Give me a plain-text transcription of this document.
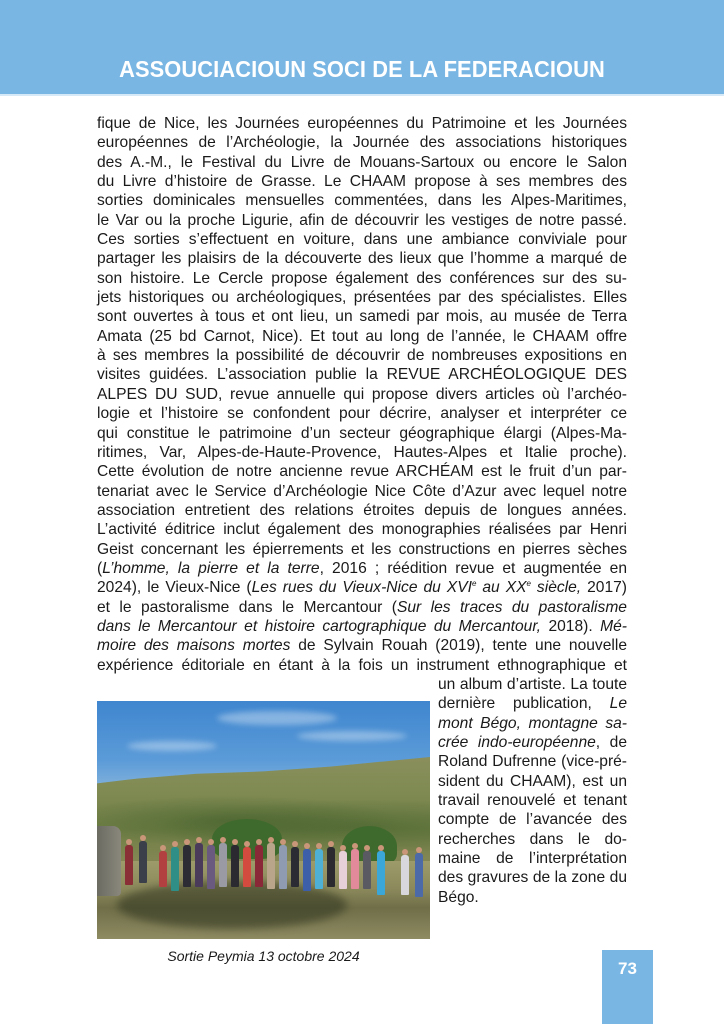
ASSOUCIACIOUN SOCI DE LA FEDERACIOUN
fique de Nice, les Journées européennes du Patrimoine et les Journées
européennes de l’Archéologie, la Journée des associations historiques
des A.-M., le Festival du Livre de Mouans-Sartoux ou encore le Salon
du Livre d’histoire de Grasse. Le CHAAM propose à ses membres des
sorties dominicales mensuelles commentées, dans les Alpes-Maritimes,
le Var ou la proche Ligurie, afin de découvrir les vestiges de notre passé.
Ces sorties s’effectuent en voiture, dans une ambiance conviviale pour
partager les plaisirs de la découverte des lieux que l’homme a marqué de
son histoire. Le Cercle propose également des conférences sur des su-
jets historiques ou archéologiques, présentées par des spécialistes. Elles
sont ouvertes à tous et ont lieu, un samedi par mois, au musée de Terra
Amata (25 bd Carnot, Nice). Et tout au long de l’année, le CHAAM offre
à ses membres la possibilité de découvrir de nombreuses expositions en
visites guidées. L’association publie la REVUE ARCHÉOLOGIQUE DES
ALPES DU SUD, revue annuelle qui propose divers articles où l’archéo-
logie et l’histoire se confondent pour décrire, analyser et interpréter ce
qui constitue le patrimoine d’un secteur géographique élargi (Alpes-Ma-
ritimes, Var, Alpes-de-Haute-Provence, Hautes-Alpes et Italie proche).
Cette évolution de notre ancienne revue ARCHÉAM est le fruit d’un par-
tenariat avec le Service d’Archéologie Nice Côte d’Azur avec lequel notre
association entretient des relations étroites depuis de longues années.
L’activité éditrice inclut également des monographies réalisées par Henri
Geist concernant les épierrements et les constructions en pierres sèches
(L’homme, la pierre et la terre, 2016 ; réédition revue et augmentée en
2024), le Vieux-Nice (Les rues du Vieux-Nice du XVIe au XXe siècle, 2017)
et le pastoralisme dans le Mercantour (Sur les traces du pastoralisme
dans le Mercantour et histoire cartographique du Mercantour, 2018). Mé-
moire des maisons mortes de Sylvain Rouah (2019), tente une nouvelle
expérience éditoriale en étant à la fois un instrument ethnographique et
un album d’artiste. La toute
dernière publication, Le
mont Bégo, montagne sa-
crée indo-européenne, de
Roland Dufrenne (vice-pré-
sident du CHAAM), est un
travail renouvelé et tenant
compte de l’avancée des
recherches dans le do-
maine de l’interprétation
des gravures de la zone du
Bégo.
Sortie Peymia 13 octobre 2024
73
